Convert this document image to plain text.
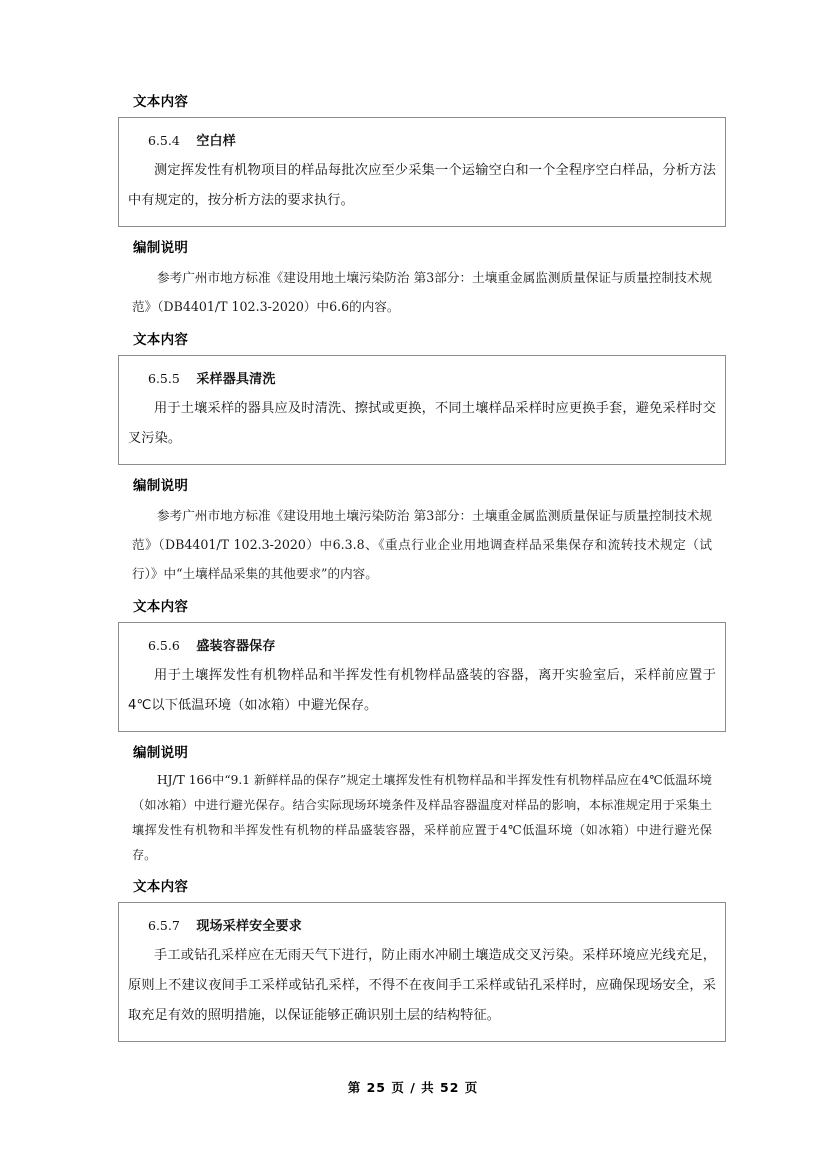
文本内容
6.5.4 空白样
测定挥发性有机物项目的样品每批次应至少采集一个运输空白和一个全程序空白样品，分析方法中有规定的，按分析方法的要求执行。
编制说明

参考广州市地方标准《建设用地土壤污染防治 第3部分：土壤重金属监测质量保证与质量控制技术规范》（DB4401/T 102.3-2020）中6.6的内容。

文本内容
6.5.5 采样器具清洗
用于土壤采样的器具应及时清洗、擦拭或更换，不同土壤样品采样时应更换手套，避免采样时交叉污染。
编制说明

参考广州市地方标准《建设用地土壤污染防治 第3部分：土壤重金属监测质量保证与质量控制技术规范》（DB4401/T 102.3-2020）中6.3.8、《重点行业企业用地调查样品采集保存和流转技术规定（试行）》中“土壤样品采集的其他要求”的内容。

文本内容
6.5.6 盛装容器保存
用于土壤挥发性有机物样品和半挥发性有机物样品盛装的容器，离开实验室后，采样前应置于4℃以下低温环境（如冰箱）中避光保存。
编制说明

HJ/T 166中“9.1 新鲜样品的保存”规定土壤挥发性有机物样品和半挥发性有机物样品应在4℃低温环境（如冰箱）中进行避光保存。结合实际现场环境条件及样品容器温度对样品的影响，本标准规定用于采集土壤挥发性有机物和半挥发性有机物的样品盛装容器，采样前应置于4℃低温环境（如冰箱）中进行避光保存。

文本内容
6.5.7 现场采样安全要求
手工或钻孔采样应在无雨天气下进行，防止雨水冲刷土壤造成交叉污染。采样环境应光线充足，原则上不建议夜间手工采样或钻孔采样，不得不在夜间手工采样或钻孔采样时，应确保现场安全，采取充足有效的照明措施，以保证能够正确识别土层的结构特征。
第 25 页 / 共 52 页
